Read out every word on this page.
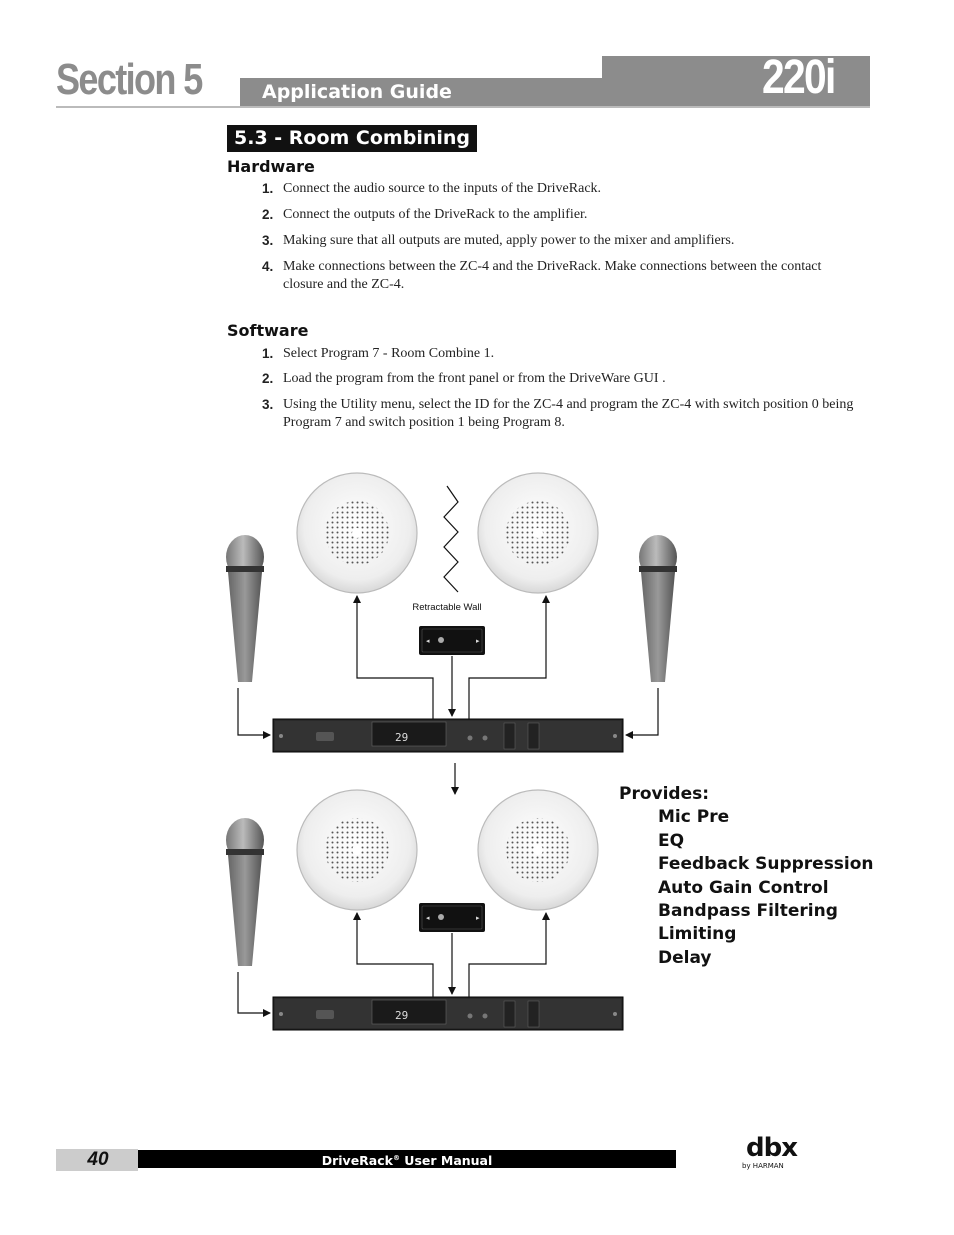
Section 5	Application Guide	220i
5.3 - Room Combining
Hardware
1. Connect the audio source to the inputs of the DriveRack.
2. Connect the outputs of the DriveRack to the amplifier.
3. Making sure that all outputs are muted, apply power to the mixer and amplifiers.
4. Make connections between the ZC-4 and the DriveRack. Make connections between the contact closure and the ZC-4.
Software
1. Select Program 7 - Room Combine 1.
2. Load the program from the front panel or from the DriveWare GUI .
3. Using the Utility menu, select the ID for the ZC-4 and program the ZC-4 with switch position 0 being Program 7 and switch position 1 being Program 8.
Retractable Wall
◂	▸
◂	▸
29
29
Provides:
Mic Pre
EQ
Feedback Suppression
Auto Gain Control
Bandpass Filtering
Limiting
Delay
40	DriveRack® User Manual	dbx
by HARMAN
